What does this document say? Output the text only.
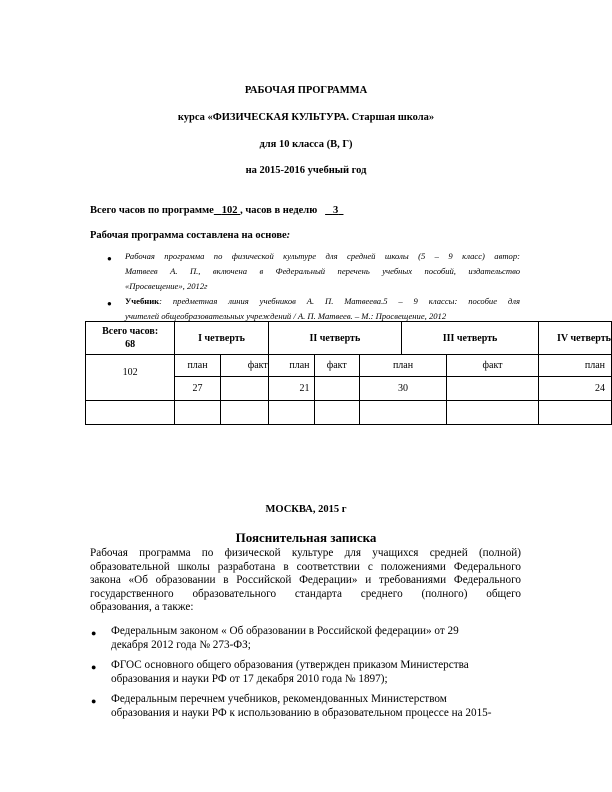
РАБОЧАЯ ПРОГРАММА
курса «ФИЗИЧЕСКАЯ КУЛЬТУРА. Старшая школа»
для 10 класса (В, Г)
на 2015-2016 учебный год
Всего часов по программе 102 , часов в неделю 3
Рабочая программа составлена на основе:
● Рабочая программа по физической культуре для средней школы (5 – 9 класс) автор:
Матвеев А. П., включена в Федеральный перечень учебных пособий, издательство
«Просвещение», 2012г
● Учебник: предметная линия учебников А. П. Матвеева.5 – 9 классы: пособие для
учителей общеобразовательных учреждений / А. П. Матвеев. – М.: Просвещение, 2012
Всего часов:
68	I четверть		II четверть			III четверть		IV четверть
102	план	факт	план	факт	план		факт	план
	27		21		30			24

МОСКВА, 2015 г
Пояснительная записка
Рабочая программа по физической культуре для учащихся средней (полной)
образовательной школы разработана в соответствии с положениями Федерального
закона «Об образовании в Российской Федерации» и требованиями Федерального
государственного образовательного стандарта среднего (полного) общего
образования, а также:
● Федеральным законом « Об образовании в Российской федерации» от 29
декабря 2012 года № 273-ФЗ;
● ФГОС основного общего образования (утвержден приказом Министерства
образования и науки РФ от 17 декабря 2010 года № 1897);
● Федеральным перечнем учебников, рекомендованных Министерством
образования и науки РФ к использованию в образовательном процессе на 2015-
